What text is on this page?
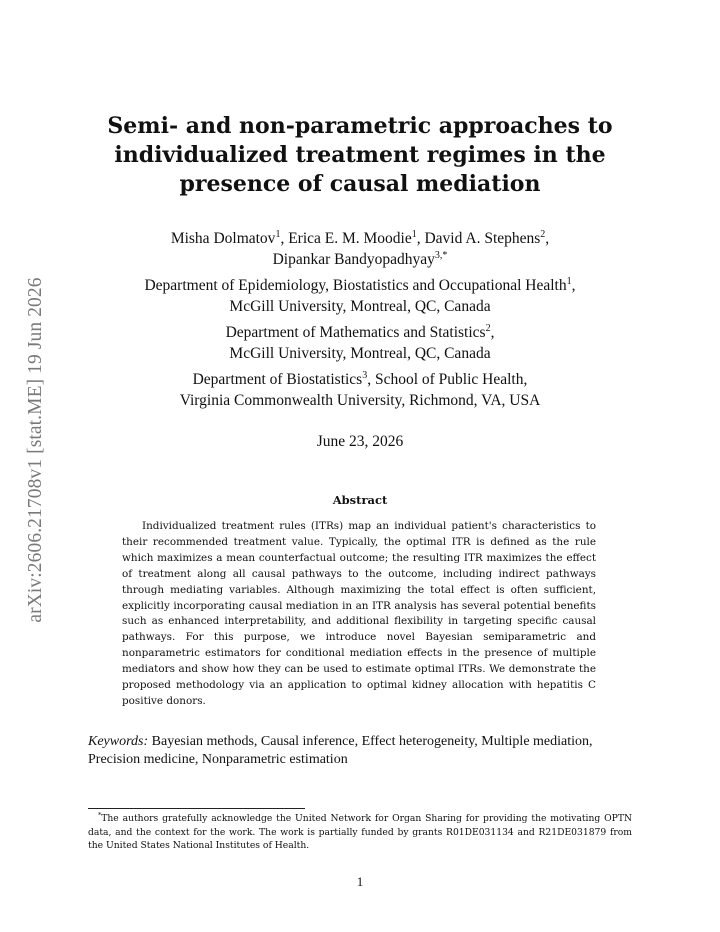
arXiv:2606.21708v1 [stat.ME] 19 Jun 2026
Semi- and non-parametric approaches to
individualized treatment regimes in the
presence of causal mediation
Misha Dolmatov$^1$, Erica E. M. Moodie$^1$, David A. Stephens$^2$,
Dipankar Bandyopadhyay$^{3,*}$
Department of Epidemiology, Biostatistics and Occupational Health$^1$,
McGill University, Montreal, QC, Canada
Department of Mathematics and Statistics$^2$,
McGill University, Montreal, QC, Canada
Department of Biostatistics$^3$, School of Public Health,
Virginia Commonwealth University, Richmond, VA, USA
June 23, 2026
Abstract

Individualized treatment rules (ITRs) map an individual patient's characteristics to their recommended treatment value. Typically, the optimal ITR is defined as the rule which maximizes a mean counterfactual outcome; the resulting ITR maximizes the effect of treatment along all causal pathways to the outcome, including indirect pathways through mediating variables. Although maximizing the total effect is often sufficient, explicitly incorporating causal mediation in an ITR analysis has several potential benefits such as enhanced interpretability, and additional flexibility in targeting specific causal pathways. For this purpose, we introduce novel Bayesian semiparametric and nonparametric estimators for conditional mediation effects in the presence of multiple mediators and show how they can be used to estimate optimal ITRs. We demonstrate the proposed methodology via an application to optimal kidney allocation with hepatitis C positive donors.

Keywords: Bayesian methods, Causal inference, Effect heterogeneity, Multiple mediation, Precision medicine, Nonparametric estimation

*The authors gratefully acknowledge the United Network for Organ Sharing for providing the motivating OPTN data, and the context for the work. The work is partially funded by grants R01DE031134 and R21DE031879 from the United States National Institutes of Health.

1
